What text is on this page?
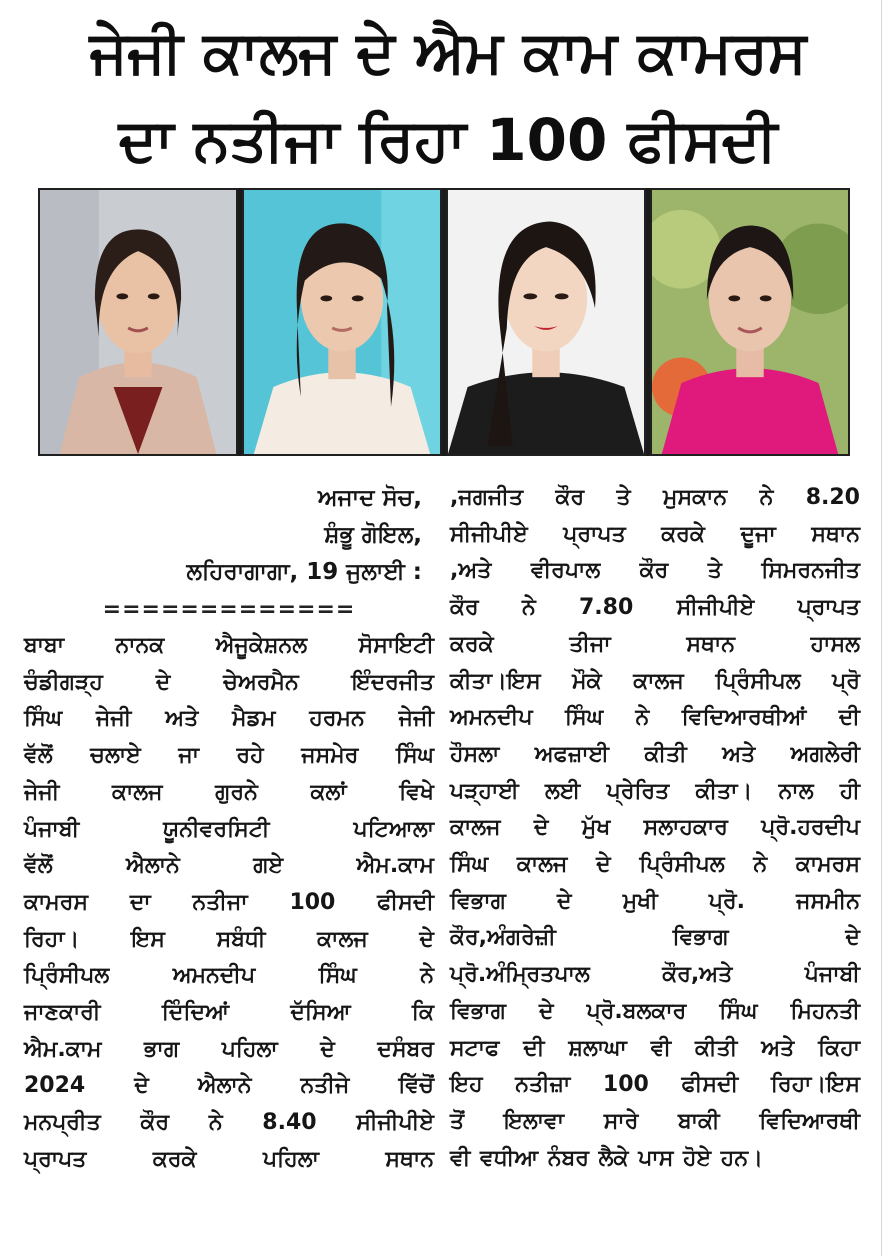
ਜੇਜੀ ਕਾਲਜ ਦੇ ਐਮ ਕਾਮ ਕਾਮਰਸ
ਦਾ ਨਤੀਜਾ ਰਿਹਾ 100 ਫੀਸਦੀ
ਅਜਾਦ ਸੋਚ,
ਸ਼ੰਭੂ ਗੋਇਲ,
ਲਹਿਰਾਗਾਗਾ, 19 ਜੁਲਾਈ :
=============
ਬਾਬਾ ਨਾਨਕ ਐਜੂਕੇਸ਼ਨਲ ਸੋਸਾਇਟੀ
ਚੰਡੀਗੜ੍ਹ ਦੇ ਚੇਅਰਮੈਨ ਇੰਦਰਜੀਤ
ਸਿੰਘ ਜੇਜੀ ਅਤੇ ਮੈਡਮ ਹਰਮਨ ਜੇਜੀ
ਵੱਲੋਂ ਚਲਾਏ ਜਾ ਰਹੇ ਜਸਮੇਰ ਸਿੰਘ
ਜੇਜੀ ਕਾਲਜ ਗੁਰਨੇ ਕਲਾਂ ਵਿਖੇ
ਪੰਜਾਬੀ ਯੂਨੀਵਰਸਿਟੀ ਪਟਿਆਲਾ
ਵੱਲੋਂ ਐਲਾਨੇ ਗਏ ਐਮ.ਕਾਮ
ਕਾਮਰਸ ਦਾ ਨਤੀਜਾ 100 ਫੀਸਦੀ
ਰਿਹਾ। ਇਸ ਸਬੰਧੀ ਕਾਲਜ ਦੇ
ਪ੍ਰਿੰਸੀਪਲ ਅਮਨਦੀਪ ਸਿੰਘ ਨੇ
ਜਾਣਕਾਰੀ ਦਿੰਦਿਆਂ ਦੱਸਿਆ ਕਿ
ਐਮ.ਕਾਮ ਭਾਗ ਪਹਿਲਾ ਦੇ ਦਸੰਬਰ
2024 ਦੇ ਐਲਾਨੇ ਨਤੀਜੇ ਵਿੱਚੋਂ
ਮਨਪ੍ਰੀਤ ਕੌਰ ਨੇ 8.40 ਸੀਜੀਪੀਏ
ਪ੍ਰਾਪਤ ਕਰਕੇ ਪਹਿਲਾ ਸਥਾਨ
,ਜਗਜੀਤ ਕੌਰ ਤੇ ਮੁਸਕਾਨ ਨੇ 8.20
ਸੀਜੀਪੀਏ ਪ੍ਰਾਪਤ ਕਰਕੇ ਦੂਜਾ ਸਥਾਨ
,ਅਤੇ ਵੀਰਪਾਲ ਕੌਰ ਤੇ ਸਿਮਰਨਜੀਤ
ਕੌਰ ਨੇ 7.80 ਸੀਜੀਪੀਏ ਪ੍ਰਾਪਤ
ਕਰਕੇ ਤੀਜਾ ਸਥਾਨ ਹਾਸਲ
ਕੀਤਾ।ਇਸ ਮੌਕੇ ਕਾਲਜ ਪ੍ਰਿੰਸੀਪਲ ਪ੍ਰੋ
ਅਮਨਦੀਪ ਸਿੰਘ ਨੇ ਵਿਦਿਆਰਥੀਆਂ ਦੀ
ਹੌਸਲਾ ਅਫਜ਼ਾਈ ਕੀਤੀ ਅਤੇ ਅਗਲੇਰੀ
ਪੜ੍ਹਾਈ ਲਈ ਪ੍ਰੇਰਿਤ ਕੀਤਾ। ਨਾਲ ਹੀ
ਕਾਲਜ ਦੇ ਮੁੱਖ ਸਲਾਹਕਾਰ ਪ੍ਰੋ.ਹਰਦੀਪ
ਸਿੰਘ ਕਾਲਜ ਦੇ ਪ੍ਰਿੰਸੀਪਲ ਨੇ ਕਾਮਰਸ
ਵਿਭਾਗ ਦੇ ਮੁਖੀ ਪ੍ਰੋ. ਜਸਮੀਨ
ਕੌਰ,ਅੰਗਰੇਜ਼ੀ ਵਿਭਾਗ ਦੇ
ਪ੍ਰੋ.ਅੰਮ੍ਰਿਤਪਾਲ ਕੌਰ,ਅਤੇ ਪੰਜਾਬੀ
ਵਿਭਾਗ ਦੇ ਪ੍ਰੋ.ਬਲਕਾਰ ਸਿੰਘ ਮਿਹਨਤੀ
ਸਟਾਫ ਦੀ ਸ਼ਲਾਘਾ ਵੀ ਕੀਤੀ ਅਤੇ ਕਿਹਾ
ਇਹ ਨਤੀਜ਼ਾ 100 ਫੀਸਦੀ ਰਿਹਾ।ਇਸ
ਤੋਂ ਇਲਾਵਾ ਸਾਰੇ ਬਾਕੀ ਵਿਦਿਆਰਥੀ
ਵੀ ਵਧੀਆ ਨੰਬਰ ਲੈਕੇ ਪਾਸ ਹੋਏ ਹਨ।
